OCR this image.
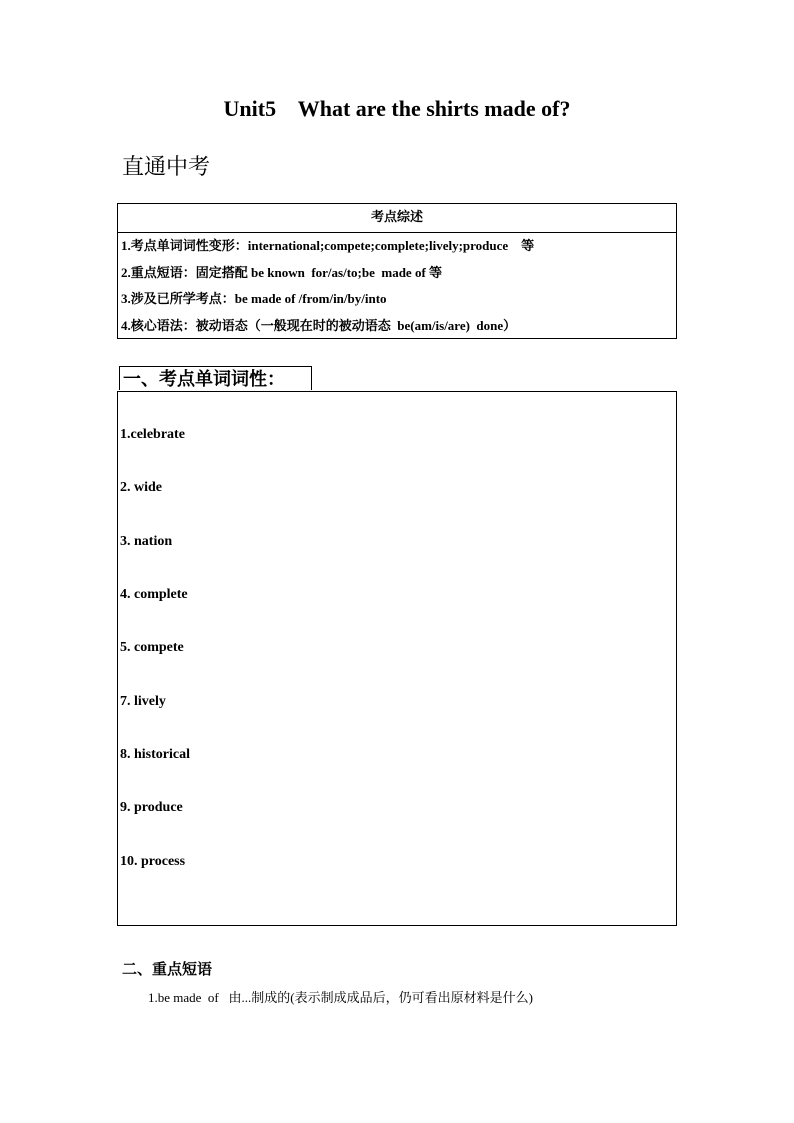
Unit5    What are the shirts made of?
直通中考
考点综述
1.考点单词词性变形：international;compete;complete;lively;produce    等
2.重点短语：固定搭配 be known  for/as/to;be  made of 等
3.涉及已所学考点：be made of /from/in/by/into
4.核心语法：被动语态（一般现在时的被动语态  be(am/is/are)  done）
一、考点单词词性：
1.celebrate
2. wide
3. nation
4. complete
5. compete
7. lively
8. historical
9. produce
10. process
二、重点短语
1.be made  of   由...制成的(表示制成成品后，仍可看出原材料是什么)
